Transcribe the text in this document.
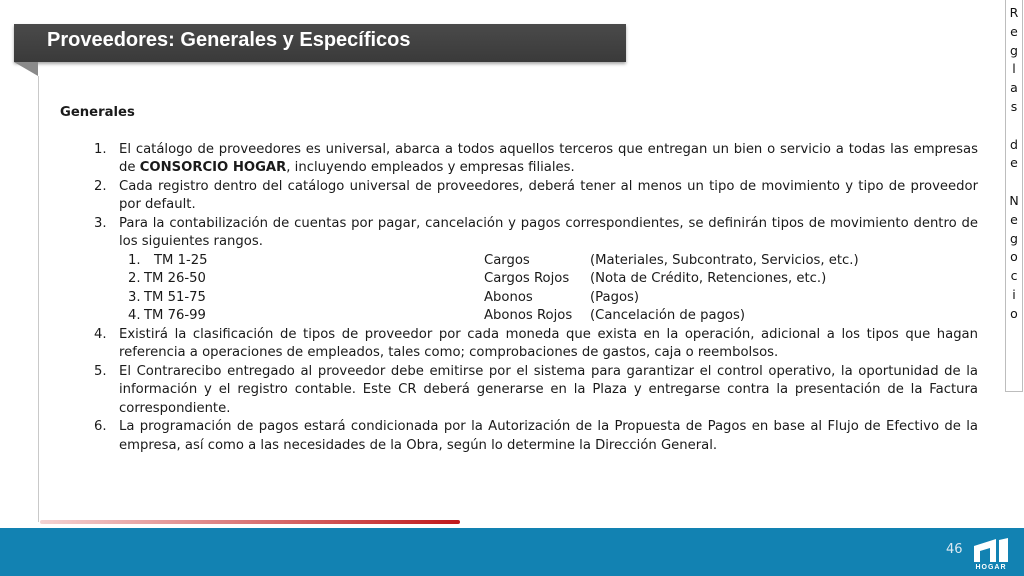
Proveedores: Generales y Específicos
R
e
g
l
a
s
d
e
N
e
g
o
c
i
o
Generales
1. El catálogo de proveedores es universal, abarca a todos aquellos terceros que entregan un bien o servicio a todas las empresas de CONSORCIO HOGAR, incluyendo empleados y empresas filiales.
2. Cada registro dentro del catálogo universal de proveedores, deberá tener al menos un tipo de movimiento y tipo de proveedor por default.
3. Para la contabilización de cuentas por pagar, cancelación y pagos correspondientes, se definirán tipos de movimiento dentro de los siguientes rangos.
1. TM 1-25	Cargos	(Materiales, Subcontrato, Servicios, etc.)
2. TM 26-50	Cargos Rojos (Nota de Crédito, Retenciones, etc.)
3. TM 51-75	Abonos	(Pagos)
4. TM 76-99	Abonos Rojos (Cancelación de pagos)
4. Existirá la clasificación de tipos de proveedor por cada moneda que exista en la operación, adicional a los tipos que hagan referencia a operaciones de empleados, tales como; comprobaciones de gastos, caja o reembolsos.
5. El Contrarecibo entregado al proveedor debe emitirse por el sistema para garantizar el control operativo, la oportunidad de la información y el registro contable. Este CR deberá generarse en la Plaza y entregarse contra la presentación de la Factura correspondiente.
6. La programación de pagos estará condicionada por la Autorización de la Propuesta de Pagos en base al Flujo de Efectivo de la empresa, así como a las necesidades de la Obra, según lo determine la Dirección General.
46
HOGAR
